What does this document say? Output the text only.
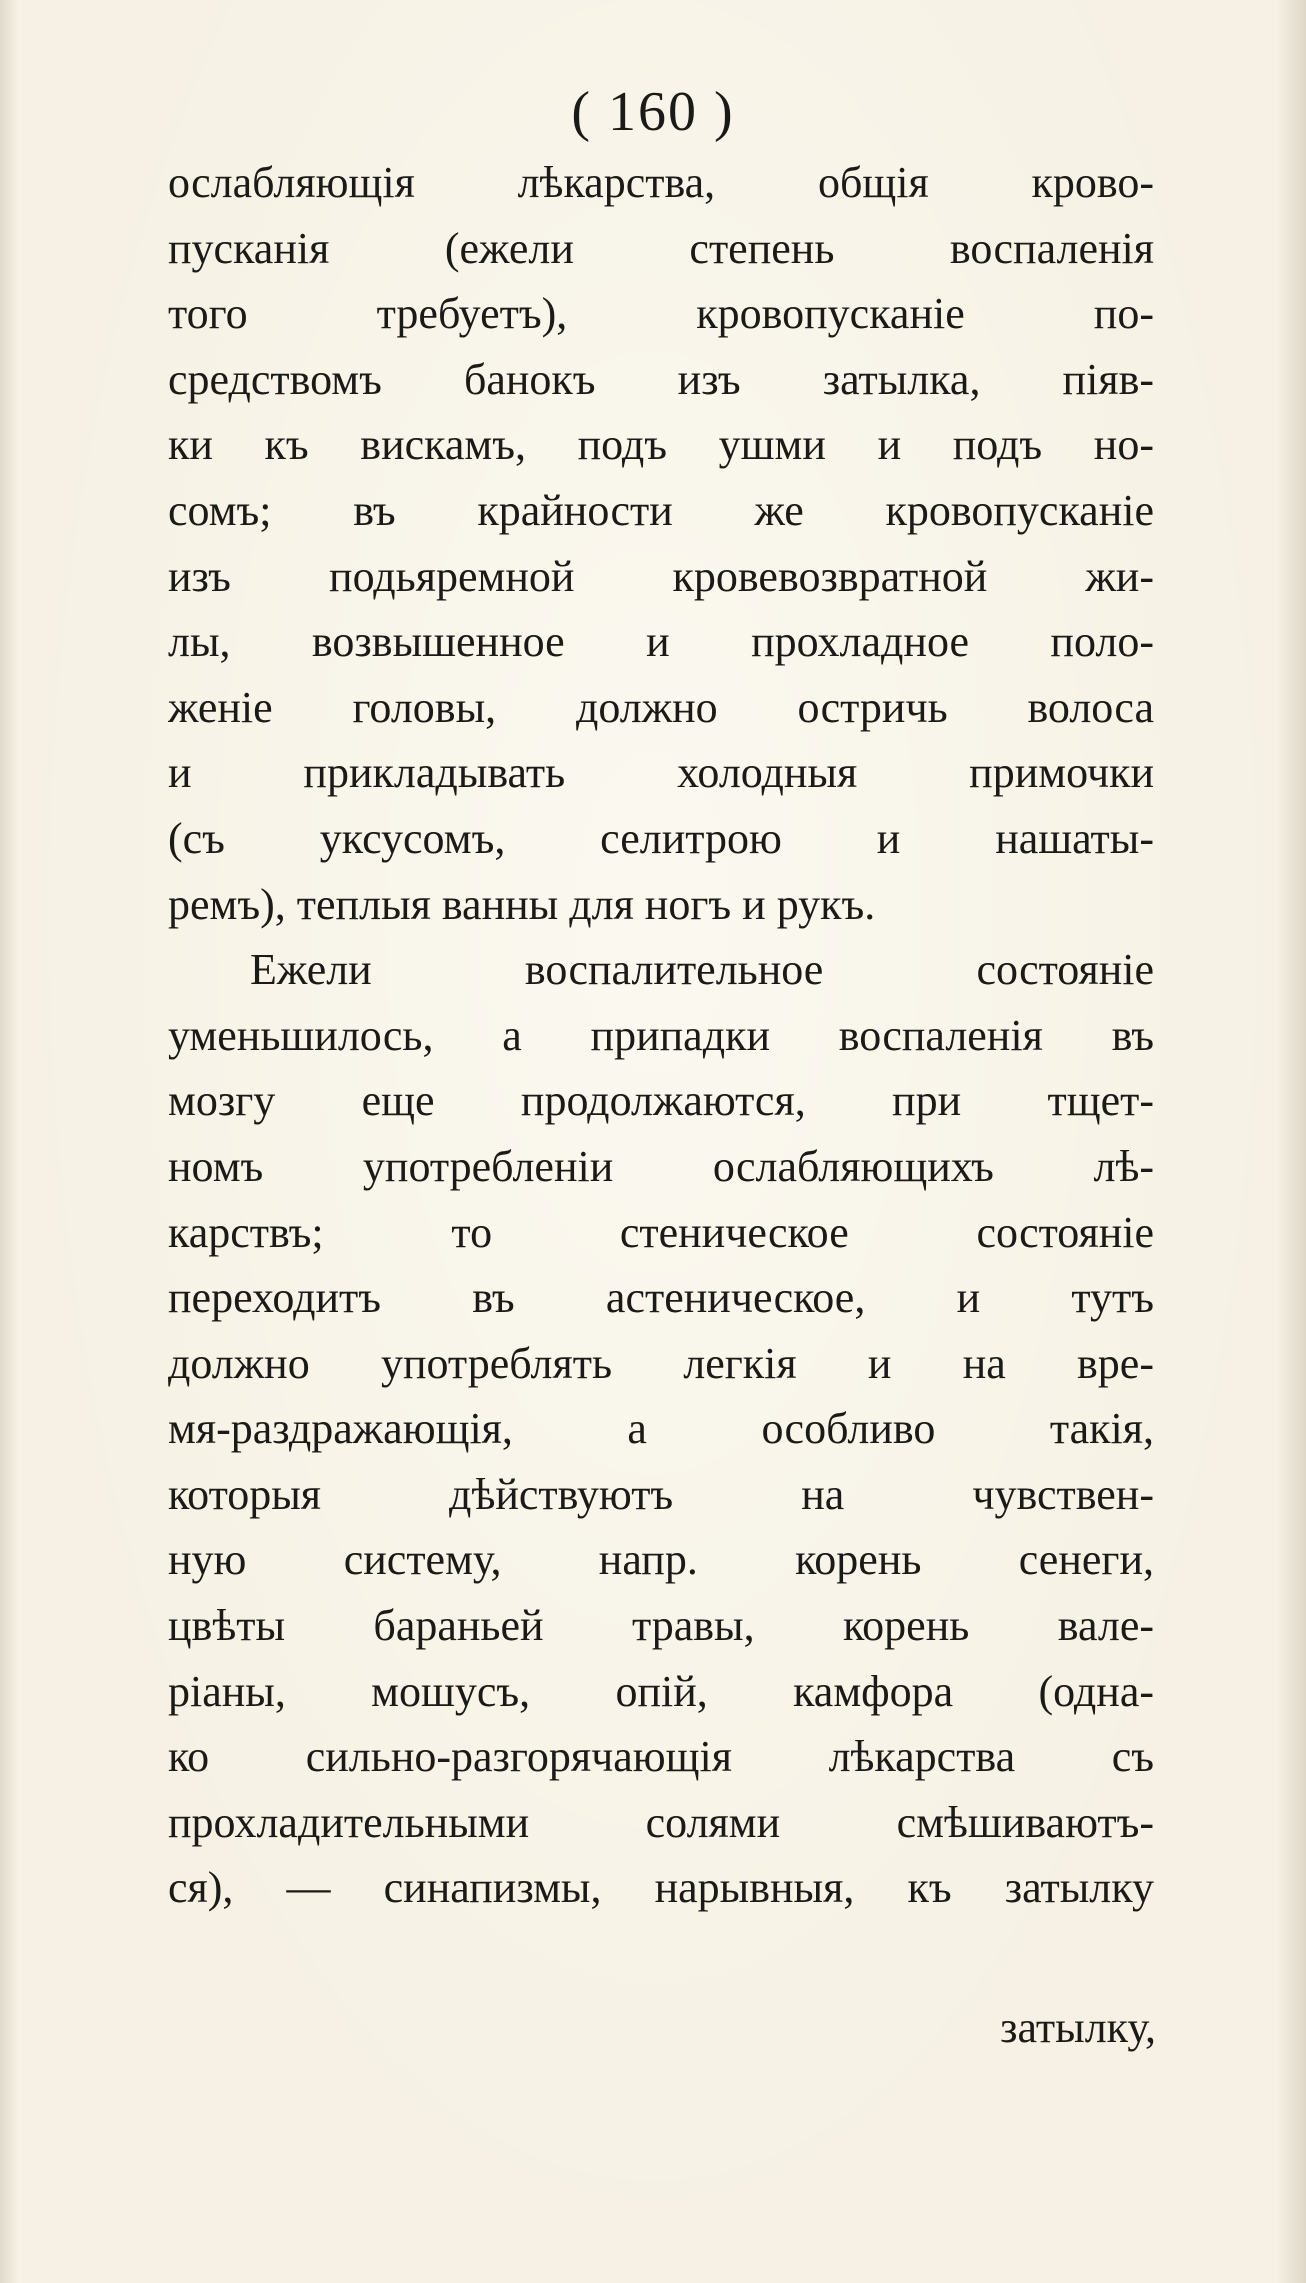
( 160 )
ослабляющія лѣкарства, общія крово-
пусканія (ежели степень воспаленія
того требуетъ), кровопусканіе по-
средствомъ банокъ изъ затылка, піяв-
ки къ вискамъ, подъ ушми и подъ но-
сомъ; въ крайности же кровопусканіе
изъ подьяремной кровевозвратной жи-
лы, возвышенное и прохладное поло-
женіе головы, должно остричь волоса
и прикладывать холодныя примочки
(съ уксусомъ, селитрою и нашаты-
ремъ), теплыя ванны для ногъ и рукъ.
Ежели воспалительное состояніе
уменьшилось, а припадки воспаленія въ
мозгу еще продолжаются, при тщет-
номъ употребленіи ослабляющихъ лѣ-
карствъ; то стеническое состояніе
переходитъ въ астеническое, и тутъ
должно употреблять легкія и на вре-
мя-раздражающія, а особливо такія,
которыя дѣйствуютъ на чувствен-
ную систему, напр. корень сенеги,
цвѣты бараньей травы, корень вале-
ріаны, мошусъ, опій, камфора (одна-
ко сильно-разгорячающія лѣкарства съ
прохладительными солями смѣшиваютъ-
ся), — синапизмы, нарывныя, къ затылку
затылку,
